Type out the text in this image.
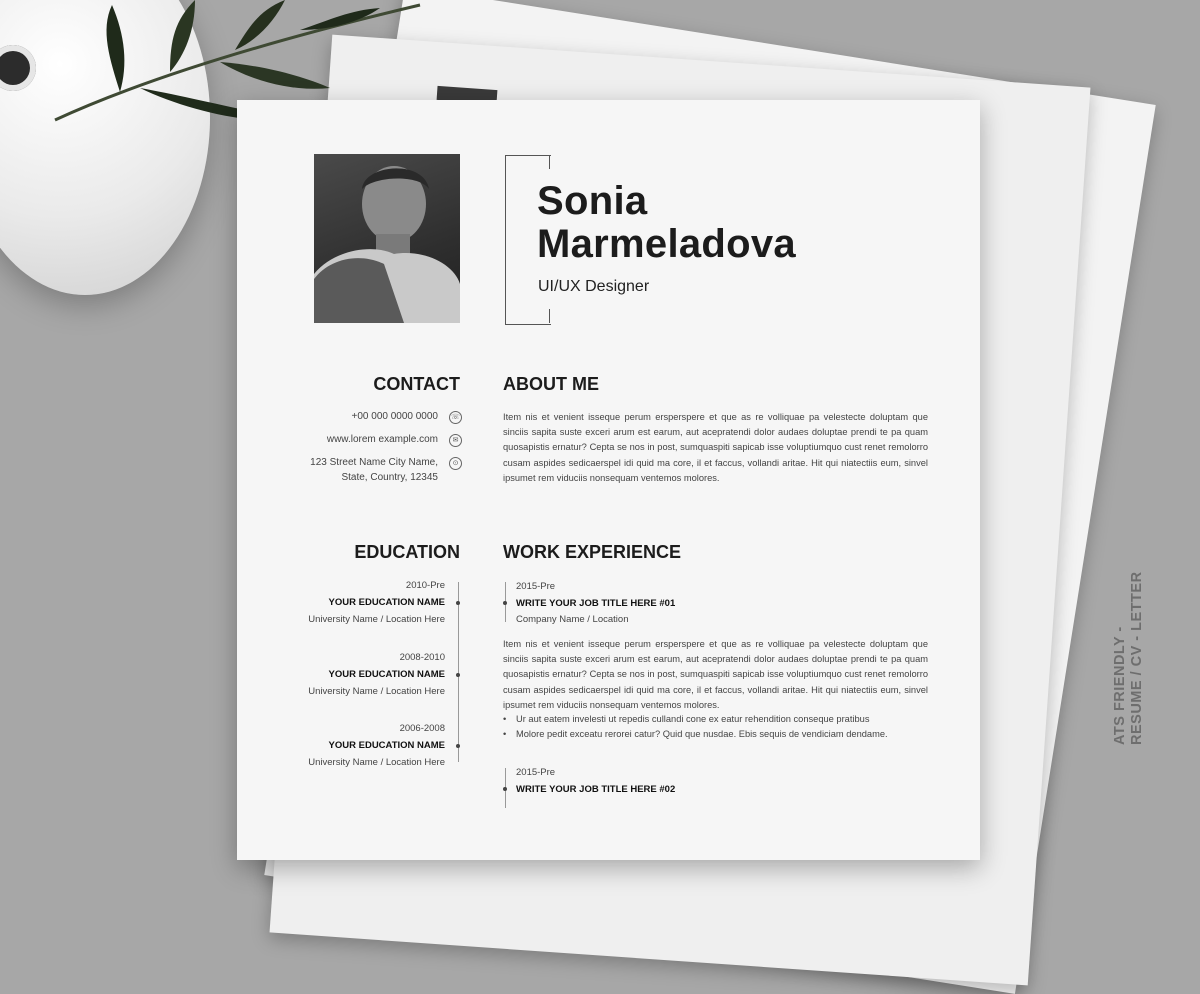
Sonia
Marmeladova
UI/UX Designer
CONTACT
+00 000 0000 0000	☏
www.lorem example.com	✉
123 Street Name City Name,
State, Country, 12345
⊙
ABOUT ME
Item nis et venient isseque perum ersperspere et que as re volliquae pa velestecte doluptam que sinciis sapita suste exceri arum est earum, aut acepratendi dolor audaes doluptae prendi te pa quam quosapistis ernatur? Cepta se nos in post, sumquaspiti sapicab isse voluptiumquo cust renet remolorro cusam aspides sedicaerspel idi quid ma core, il et faccus, vollandi aritae. Hit qui niatectiis eum, sinvel ipsumet rem viduciis nonsequam ventemos molores.
EDUCATION
2010-Pre
YOUR EDUCATION NAME
University Name / Location Here
2008-2010
YOUR EDUCATION NAME
University Name / Location Here
2006-2008
YOUR EDUCATION NAME
University Name / Location Here
WORK EXPERIENCE
2015-Pre
WRITE YOUR JOB TITLE HERE #01
Company Name / Location
Item nis et venient isseque perum ersperspere et que as re volliquae pa velestecte doluptam que sinciis sapita suste exceri arum est earum, aut acepratendi dolor audaes doluptae prendi te pa quam quosapistis ernatur? Cepta se nos in post, sumquaspiti sapicab isse voluptiumquo cust renet remolorro cusam aspides sedicaerspel idi quid ma core, il et faccus, vollandi aritae. Hit qui niatectiis eum, sinvel ipsumet rem viduciis nonsequam ventemos molores.
• Ur aut eatem invelesti ut repedis cullandi cone ex eatur rehendition conseque pratibus
• Molore pedit exceatu rerorei catur? Quid que nusdae. Ebis sequis de vendiciam dendame.
2015-Pre
WRITE YOUR JOB TITLE HERE #02
ATS FRIENDLY - RESUME / CV - LETTER
